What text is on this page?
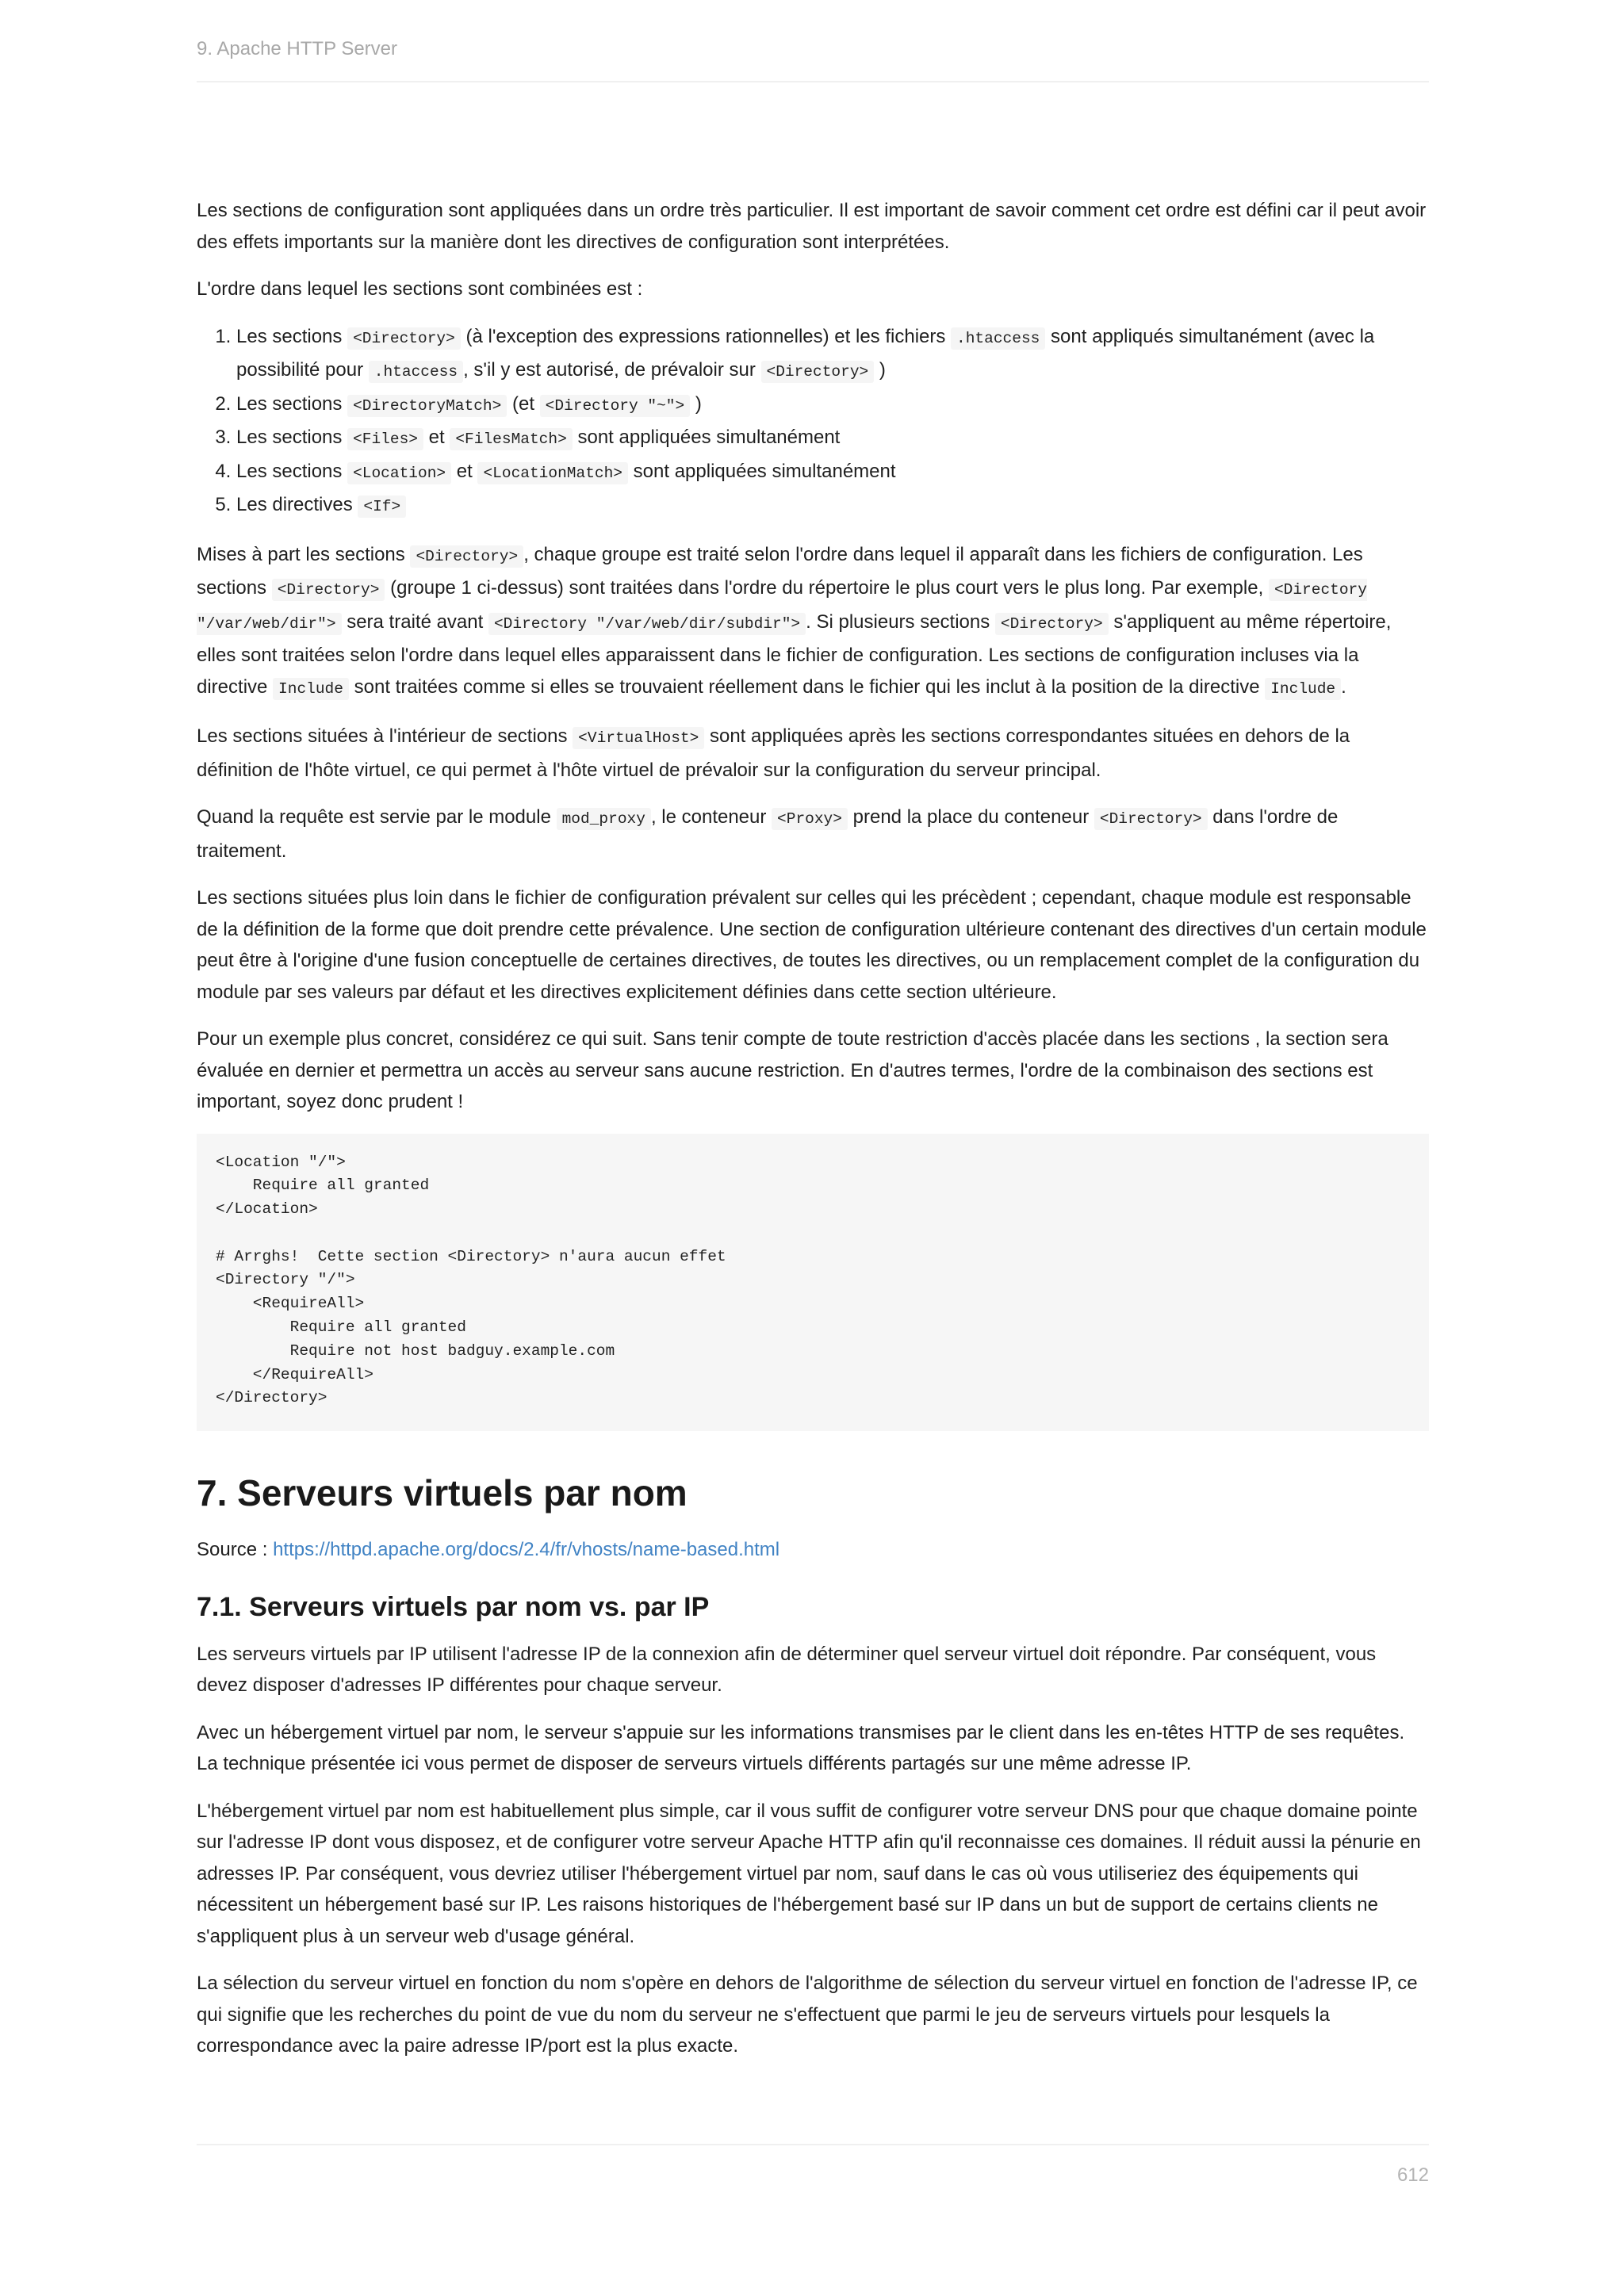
9. Apache HTTP Server

Les sections de configuration sont appliquées dans un ordre très particulier. Il est important de savoir comment cet ordre est défini car il peut avoir des effets importants sur la manière dont les directives de configuration sont interprétées.

L'ordre dans lequel les sections sont combinées est :

1. Les sections <Directory> (à l'exception des expressions rationnelles) et les fichiers .htaccess sont appliqués simultanément (avec la possibilité pour .htaccess , s'il y est autorisé, de prévaloir sur <Directory> )
2. Les sections <DirectoryMatch> (et <Directory "~"> )
3. Les sections <Files> et <FilesMatch> sont appliquées simultanément
4. Les sections <Location> et <LocationMatch> sont appliquées simultanément
5. Les directives <If>

Mises à part les sections <Directory> , chaque groupe est traité selon l'ordre dans lequel il apparaît dans les fichiers de configuration. Les sections <Directory> (groupe 1 ci-dessus) sont traitées dans l'ordre du répertoire le plus court vers le plus long. Par exemple, <Directory "/var/web/dir"> sera traité avant <Directory "/var/web/dir/subdir"> . Si plusieurs sections <Directory> s'appliquent au même répertoire, elles sont traitées selon l'ordre dans lequel elles apparaissent dans le fichier de configuration. Les sections de configuration incluses via la directive Include sont traitées comme si elles se trouvaient réellement dans le fichier qui les inclut à la position de la directive Include .

Les sections situées à l'intérieur de sections <VirtualHost> sont appliquées après les sections correspondantes situées en dehors de la définition de l'hôte virtuel, ce qui permet à l'hôte virtuel de prévaloir sur la configuration du serveur principal.

Quand la requête est servie par le module mod_proxy , le conteneur <Proxy> prend la place du conteneur <Directory> dans l'ordre de traitement.

Les sections situées plus loin dans le fichier de configuration prévalent sur celles qui les précèdent ; cependant, chaque module est responsable de la définition de la forme que doit prendre cette prévalence. Une section de configuration ultérieure contenant des directives d'un certain module peut être à l'origine d'une fusion conceptuelle de certaines directives, de toutes les directives, ou un remplacement complet de la configuration du module par ses valeurs par défaut et les directives explicitement définies dans cette section ultérieure.

Pour un exemple plus concret, considérez ce qui suit. Sans tenir compte de toute restriction d'accès placée dans les sections , la section sera évaluée en dernier et permettra un accès au serveur sans aucune restriction. En d'autres termes, l'ordre de la combinaison des sections est important, soyez donc prudent !

<Location "/">
Require all granted
</Location>

# Arrghs!  Cette section <Directory> n'aura aucun effet
<Directory "/">
<RequireAll>
Require all granted
Require not host badguy.example.com
</RequireAll>
</Directory>
7. Serveurs virtuels par nom

Source : https://httpd.apache.org/docs/2.4/fr/vhosts/name-based.html

7.1. Serveurs virtuels par nom vs. par IP

Les serveurs virtuels par IP utilisent l'adresse IP de la connexion afin de déterminer quel serveur virtuel doit répondre. Par conséquent, vous devez disposer d'adresses IP différentes pour chaque serveur.

Avec un hébergement virtuel par nom, le serveur s'appuie sur les informations transmises par le client dans les en-têtes HTTP de ses requêtes. La technique présentée ici vous permet de disposer de serveurs virtuels différents partagés sur une même adresse IP.

L'hébergement virtuel par nom est habituellement plus simple, car il vous suffit de configurer votre serveur DNS pour que chaque domaine pointe sur l'adresse IP dont vous disposez, et de configurer votre serveur Apache HTTP afin qu'il reconnaisse ces domaines. Il réduit aussi la pénurie en adresses IP. Par conséquent, vous devriez utiliser l'hébergement virtuel par nom, sauf dans le cas où vous utiliseriez des équipements qui nécessitent un hébergement basé sur IP. Les raisons historiques de l'hébergement basé sur IP dans un but de support de certains clients ne s'appliquent plus à un serveur web d'usage général.

La sélection du serveur virtuel en fonction du nom s'opère en dehors de l'algorithme de sélection du serveur virtuel en fonction de l'adresse IP, ce qui signifie que les recherches du point de vue du nom du serveur ne s'effectuent que parmi le jeu de serveurs virtuels pour lesquels la correspondance avec la paire adresse IP/port est la plus exacte.

612
